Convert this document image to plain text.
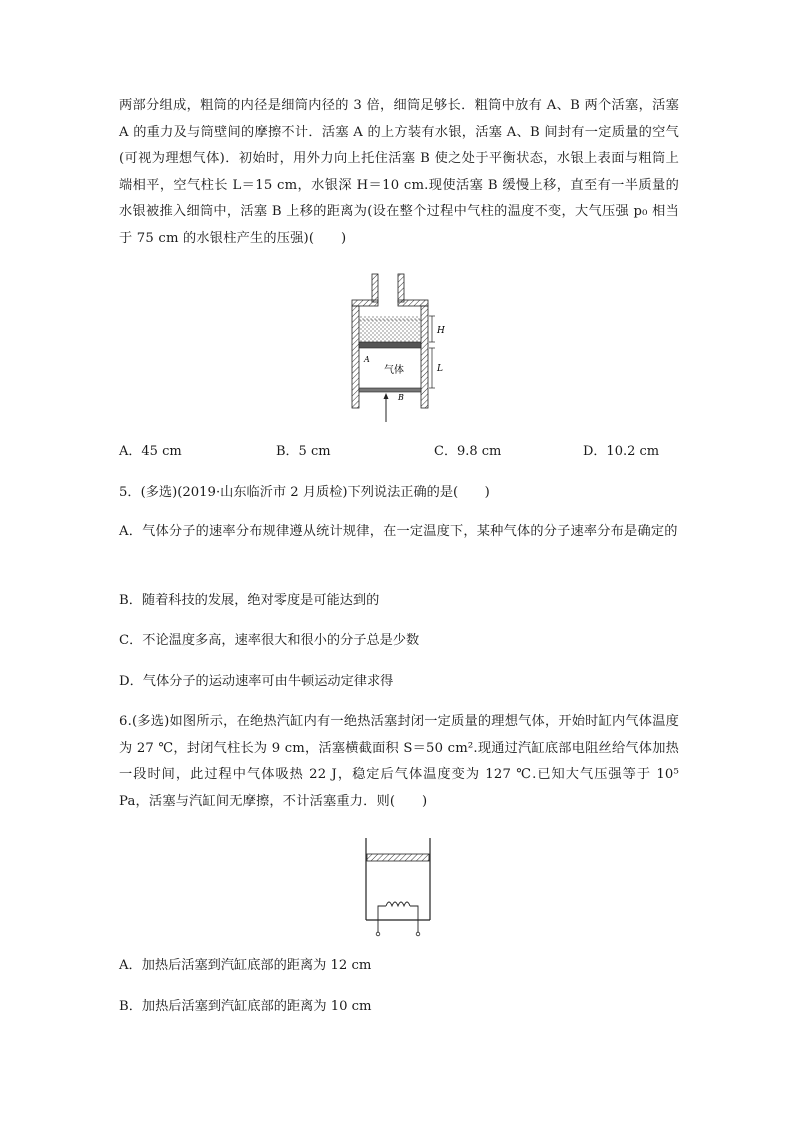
两部分组成，粗筒的内径是细筒内径的 3 倍，细筒足够长．粗筒中放有 A、B 两个活塞，活塞 A 的重力及与筒壁间的摩擦不计．活塞 A 的上方装有水银，活塞 A、B 间封有一定质量的空气(可视为理想气体)．初始时，用外力向上托住活塞 B 使之处于平衡状态，水银上表面与粗筒上端相平，空气柱长 L＝15 cm，水银深 H＝10 cm.现使活塞 B 缓慢上移，直至有一半质量的水银被推入细筒中，活塞 B 上移的距离为(设在整个过程中气柱的温度不变，大气压强 p₀ 相当于 75 cm 的水银柱产生的压强)(　　)
H
L
A
气体
B
A．45 cm	B．5 cm	C．9.8 cm	D．10.2 cm
5．(多选)(2019·山东临沂市 2 月质检)下列说法正确的是(　　)
A．气体分子的速率分布规律遵从统计规律，在一定温度下，某种气体的分子速率分布是确定的
B．随着科技的发展，绝对零度是可能达到的
C．不论温度多高，速率很大和很小的分子总是少数
D．气体分子的运动速率可由牛顿运动定律求得
6.(多选)如图所示，在绝热汽缸内有一绝热活塞封闭一定质量的理想气体，开始时缸内气体温度为 27 ℃，封闭气柱长为 9 cm，活塞横截面积 S＝50 cm².现通过汽缸底部电阻丝给气体加热一段时间，此过程中气体吸热 22 J，稳定后气体温度变为 127 ℃.已知大气压强等于 10⁵ Pa，活塞与汽缸间无摩擦，不计活塞重力．则(　　)
A．加热后活塞到汽缸底部的距离为 12 cm
B．加热后活塞到汽缸底部的距离为 10 cm
